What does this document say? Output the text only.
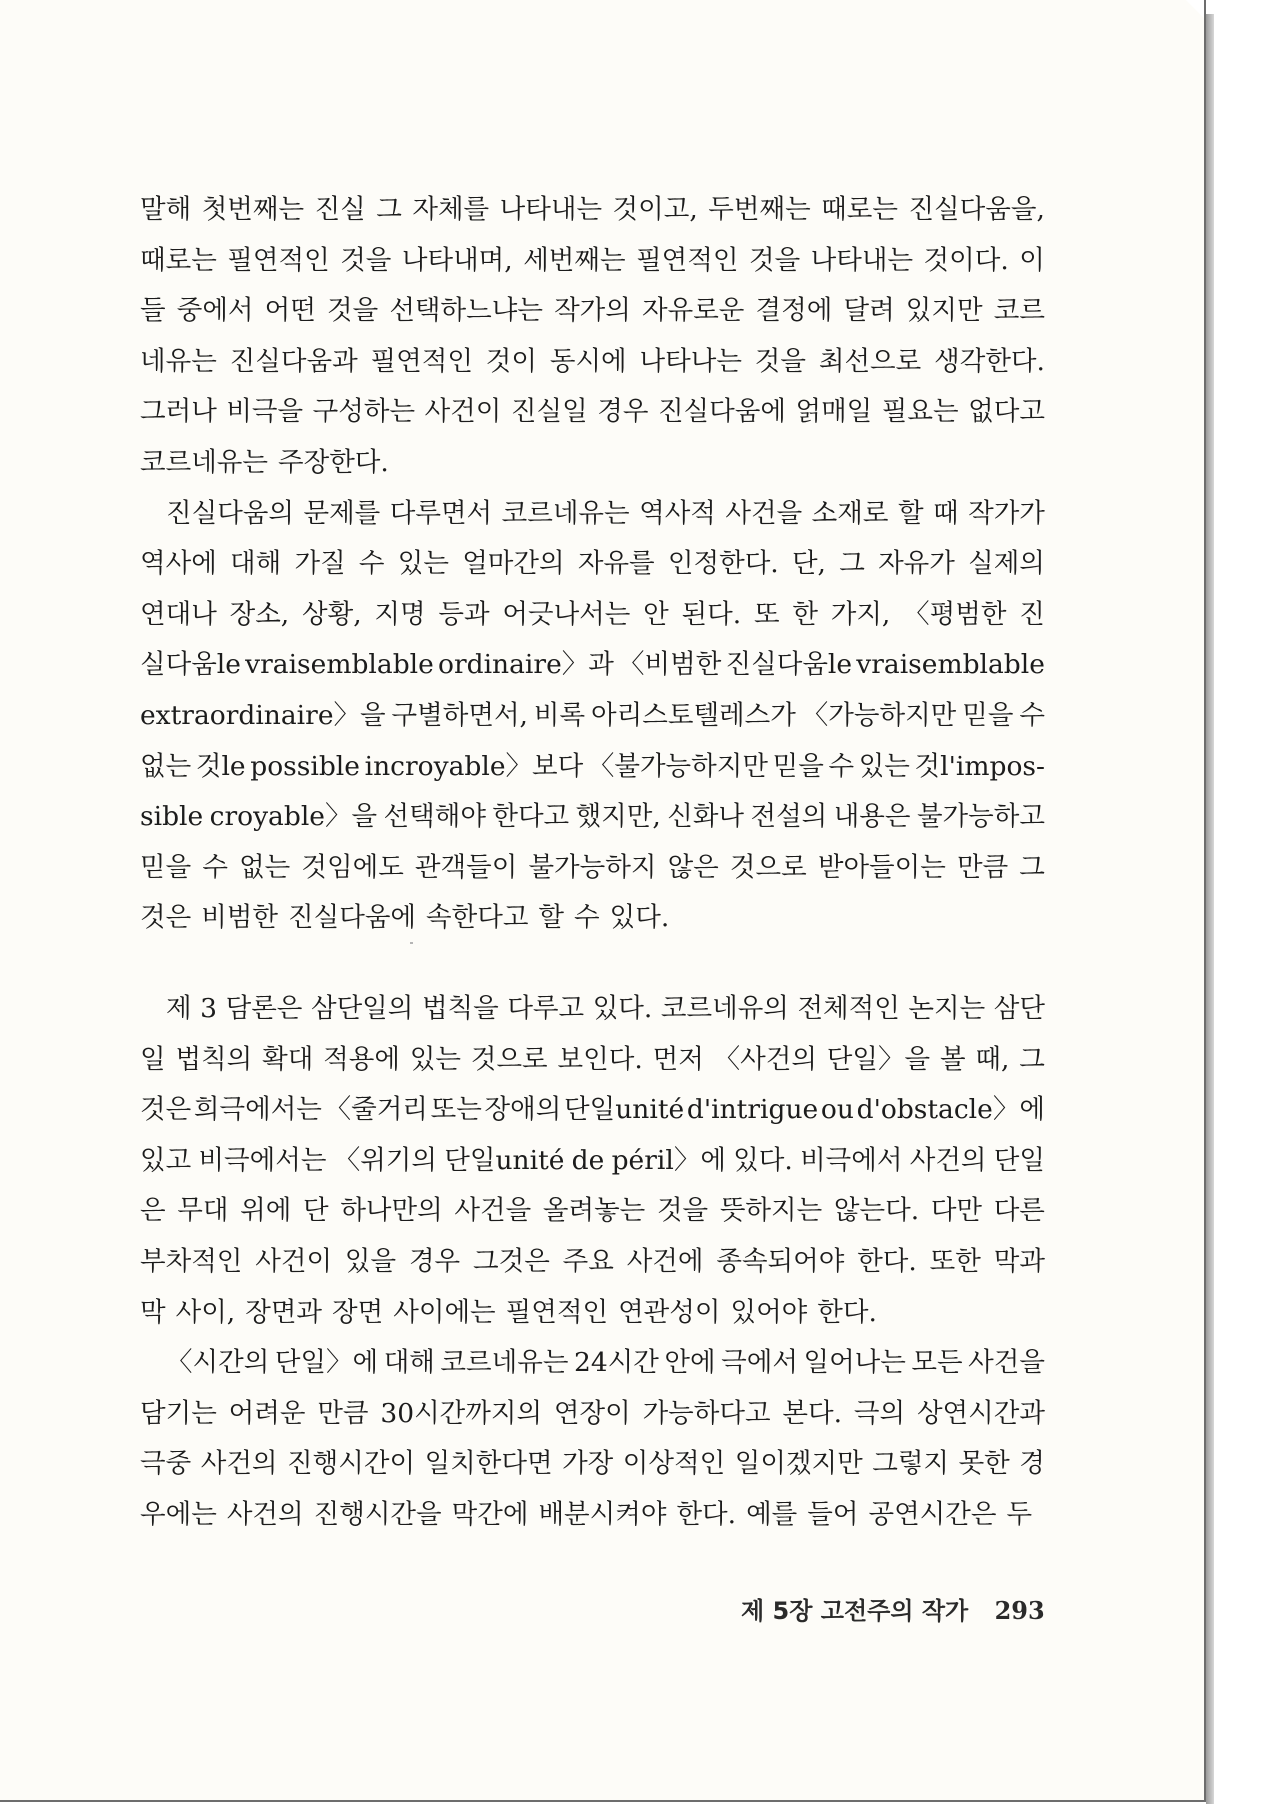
말해 첫번째는 진실 그 자체를 나타내는 것이고, 두번째는 때로는 진실다움을,
때로는 필연적인 것을 나타내며, 세번째는 필연적인 것을 나타내는 것이다. 이
들 중에서 어떤 것을 선택하느냐는 작가의 자유로운 결정에 달려 있지만 코르
네유는 진실다움과 필연적인 것이 동시에 나타나는 것을 최선으로 생각한다.
그러나 비극을 구성하는 사건이 진실일 경우 진실다움에 얽매일 필요는 없다고
코르네유는 주장한다.
진실다움의 문제를 다루면서 코르네유는 역사적 사건을 소재로 할 때 작가가
역사에 대해 가질 수 있는 얼마간의 자유를 인정한다. 단, 그 자유가 실제의
연대나 장소, 상황, 지명 등과 어긋나서는 안 된다. 또 한 가지, 〈평범한 진
실다움le vraisemblable ordinaire〉과 〈비범한 진실다움le vraisemblable
extraordinaire〉을 구별하면서, 비록 아리스토텔레스가 〈가능하지만 믿을 수
없는 것le possible incroyable〉보다 〈불가능하지만 믿을 수 있는 것l'impos-
sible croyable〉을 선택해야 한다고 했지만, 신화나 전설의 내용은 불가능하고
믿을 수 없는 것임에도 관객들이 불가능하지 않은 것으로 받아들이는 만큼 그
것은 비범한 진실다움에 속한다고 할 수 있다.
제 3 담론은 삼단일의 법칙을 다루고 있다. 코르네유의 전체적인 논지는 삼단
일 법칙의 확대 적용에 있는 것으로 보인다. 먼저 〈사건의 단일〉을 볼 때, 그
것은 희극에서는 〈줄거리 또는 장애의 단일unité d'intrigue ou d'obstacle〉에
있고 비극에서는 〈위기의 단일unité de péril〉에 있다. 비극에서 사건의 단일
은 무대 위에 단 하나만의 사건을 올려놓는 것을 뜻하지는 않는다. 다만 다른
부차적인 사건이 있을 경우 그것은 주요 사건에 종속되어야 한다. 또한 막과
막 사이, 장면과 장면 사이에는 필연적인 연관성이 있어야 한다.
〈시간의 단일〉에 대해 코르네유는 24시간 안에 극에서 일어나는 모든 사건을
담기는 어려운 만큼 30시간까지의 연장이 가능하다고 본다. 극의 상연시간과
극중 사건의 진행시간이 일치한다면 가장 이상적인 일이겠지만 그렇지 못한 경
우에는 사건의 진행시간을 막간에 배분시켜야 한다. 예를 들어 공연시간은 두
제 5장 고전주의 작가 293
